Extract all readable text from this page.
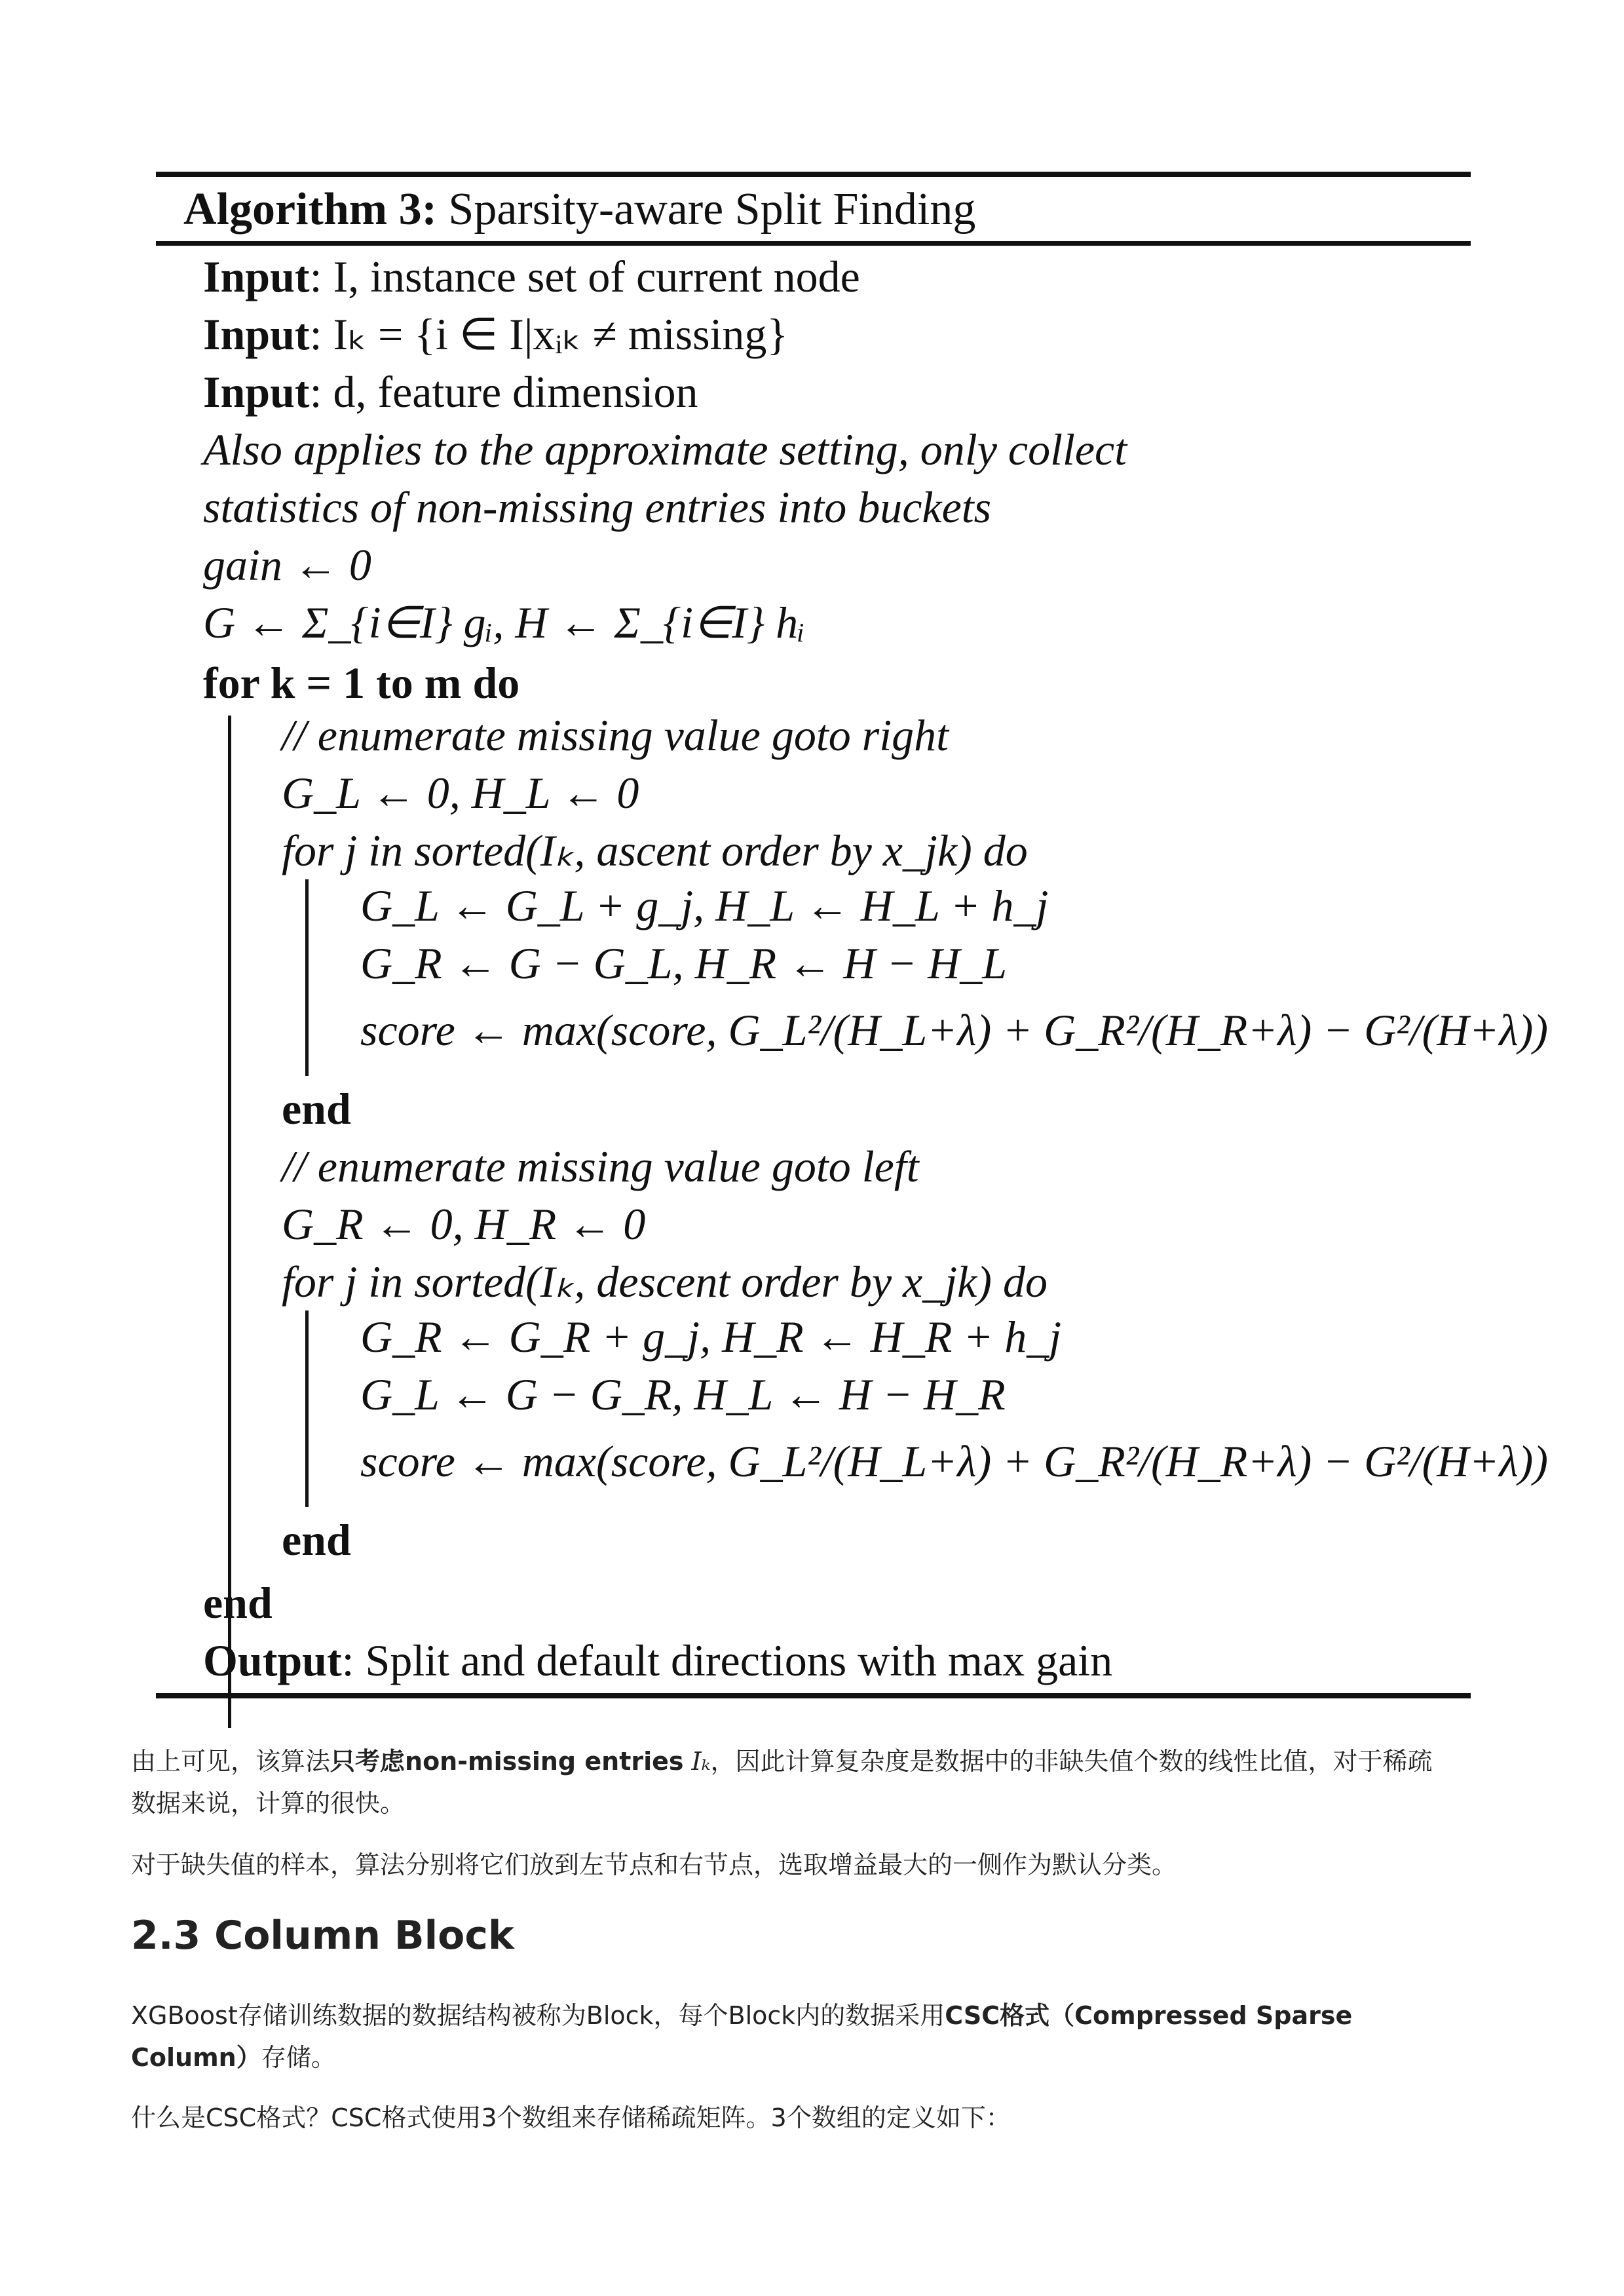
Algorithm 3: Sparsity-aware Split Finding
Input: I, instance set of current node
Input: Iₖ = {i ∈ I|xᵢₖ ≠ missing}
Input: d, feature dimension
Also applies to the approximate setting, only collect
statistics of non-missing entries into buckets
gain ← 0
G ← Σ_{i∈I} gᵢ, H ← Σ_{i∈I} hᵢ
for k = 1 to m do
// enumerate missing value goto right
G_L ← 0, H_L ← 0
for j in sorted(Iₖ, ascent order by x_jk) do
G_L ← G_L + g_j, H_L ← H_L + h_j
G_R ← G − G_L, H_R ← H − H_L
score ← max(score, G_L²/(H_L+λ) + G_R²/(H_R+λ) − G²/(H+λ))
end
// enumerate missing value goto left
G_R ← 0, H_R ← 0
for j in sorted(Iₖ, descent order by x_jk) do
G_R ← G_R + g_j, H_R ← H_R + h_j
G_L ← G − G_R, H_L ← H − H_R
score ← max(score, G_L²/(H_L+λ) + G_R²/(H_R+λ) − G²/(H+λ))
end
end
Output: Split and default directions with max gain
由上可见，该算法只考虑non-missing entries Iₖ，因此计算复杂度是数据中的非缺失值个数的线性比值，对于稀疏
数据来说，计算的很快。
对于缺失值的样本，算法分别将它们放到左节点和右节点，选取增益最大的一侧作为默认分类。
2.3 Column Block
XGBoost存储训练数据的数据结构被称为Block，每个Block内的数据采用CSC格式（Compressed Sparse
Column）存储。
什么是CSC格式？CSC格式使用3个数组来存储稀疏矩阵。3个数组的定义如下：
